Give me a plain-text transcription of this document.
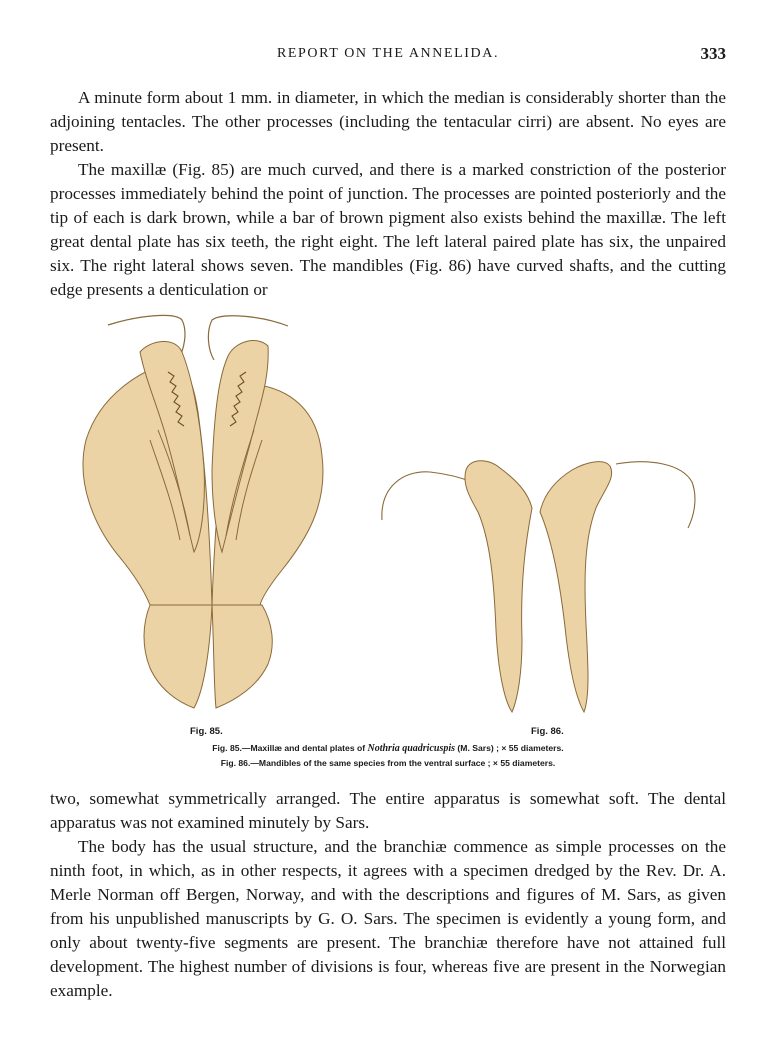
REPORT ON THE ANNELIDA.	333

A minute form about 1 mm. in diameter, in which the median is considerably shorter than the adjoining tentacles. The other processes (including the tentacular cirri) are absent. No eyes are present.

The maxillæ (Fig. 85) are much curved, and there is a marked constriction of the posterior processes immediately behind the point of junction. The processes are pointed posteriorly and the tip of each is dark brown, while a bar of brown pigment also exists behind the maxillæ. The left great dental plate has six teeth, the right eight. The left lateral paired plate has six, the unpaired six. The right lateral shows seven. The mandibles (Fig. 86) have curved shafts, and the cutting edge presents a denticulation or

Fig. 85.	Fig. 86.
Fig. 85.—Maxillæ and dental plates of Nothria quadricuspis (M. Sars) ; × 55 diameters.
Fig. 86.—Mandibles of the same species from the ventral surface ; × 55 diameters.

two, somewhat symmetrically arranged. The entire apparatus is somewhat soft. The dental apparatus was not examined minutely by Sars.

The body has the usual structure, and the branchiæ commence as simple processes on the ninth foot, in which, as in other respects, it agrees with a specimen dredged by the Rev. Dr. A. Merle Norman off Bergen, Norway, and with the descriptions and figures of M. Sars, as given from his unpublished manuscripts by G. O. Sars. The specimen is evidently a young form, and only about twenty-five segments are present. The branchiæ therefore have not attained full development. The highest number of divisions is four, whereas five are present in the Norwegian example.
